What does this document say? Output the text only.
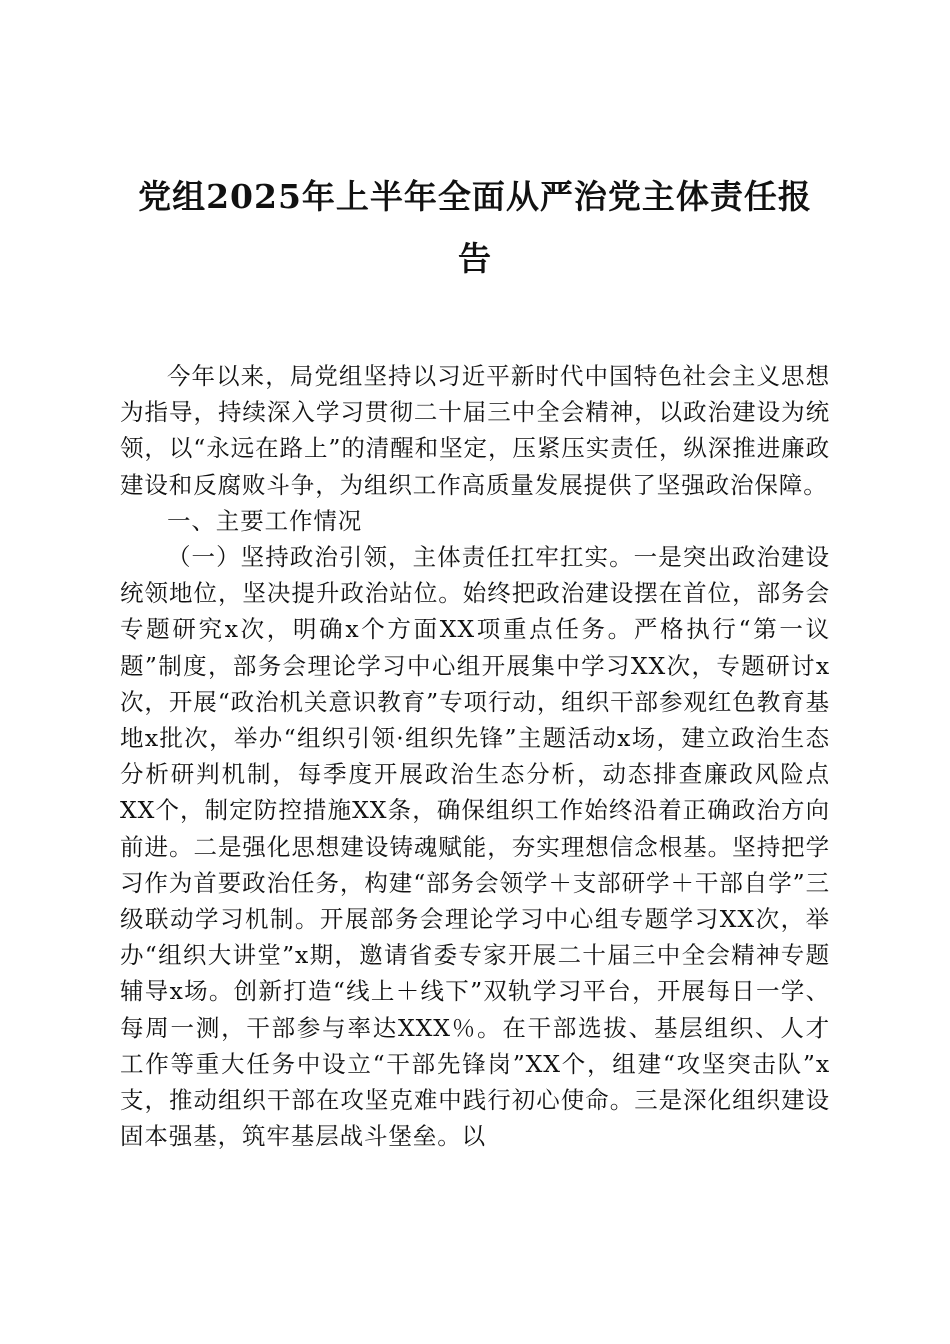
党组2025年上半年全面从严治党主体责任报
告

今年以来，局党组坚持以习近平新时代中国特色社会主义思想为指导，持续深入学习贯彻二十届三中全会精神，以政治建设为统领，以“永远在路上”的清醒和坚定，压紧压实责任，纵深推进廉政建设和反腐败斗争，为组织工作高质量发展提供了坚强政治保障。

一、主要工作情况

（一）坚持政治引领，主体责任扛牢扛实。一是突出政治建设统领地位，坚决提升政治站位。始终把政治建设摆在首位，部务会专题研究x次，明确x个方面XX项重点任务。严格执行“第一议题”制度，部务会理论学习中心组开展集中学习XX次，专题研讨x次，开展“政治机关意识教育”专项行动，组织干部参观红色教育基地x批次，举办“组织引领·组织先锋”主题活动x场，建立政治生态分析研判机制，每季度开展政治生态分析，动态排查廉政风险点XX个，制定防控措施XX条，确保组织工作始终沿着正确政治方向前进。二是强化思想建设铸魂赋能，夯实理想信念根基。坚持把学习作为首要政治任务，构建“部务会领学＋支部研学＋干部自学”三级联动学习机制。开展部务会理论学习中心组专题学习XX次，举办“组织大讲堂”x期，邀请省委专家开展二十届三中全会精神专题辅导x场。创新打造“线上＋线下”双轨学习平台，开展每日一学、每周一测，干部参与率达XXX％。在干部选拔、基层组织、人才工作等重大任务中设立“干部先锋岗”XX个，组建“攻坚突击队”x支，推动组织干部在攻坚克难中践行初心使命。三是深化组织建设固本强基，筑牢基层战斗堡垒。以
